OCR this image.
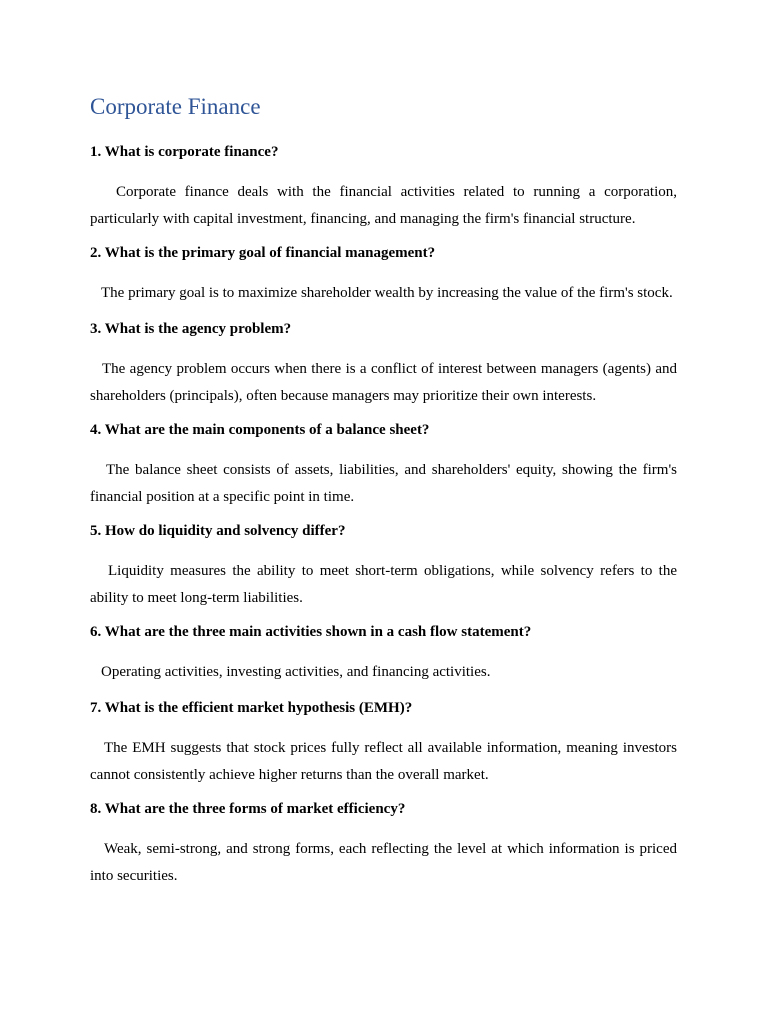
Corporate Finance

1. What is corporate finance?

Corporate finance deals with the financial activities related to running a corporation, particularly with capital investment, financing, and managing the firm's financial structure.

2. What is the primary goal of financial management?

The primary goal is to maximize shareholder wealth by increasing the value of the firm's stock.

3. What is the agency problem?

The agency problem occurs when there is a conflict of interest between managers (agents) and shareholders (principals), often because managers may prioritize their own interests.

4. What are the main components of a balance sheet?

The balance sheet consists of assets, liabilities, and shareholders' equity, showing the firm's financial position at a specific point in time.

5. How do liquidity and solvency differ?

Liquidity measures the ability to meet short-term obligations, while solvency refers to the ability to meet long-term liabilities.

6. What are the three main activities shown in a cash flow statement?

Operating activities, investing activities, and financing activities.

7. What is the efficient market hypothesis (EMH)?

The EMH suggests that stock prices fully reflect all available information, meaning investors cannot consistently achieve higher returns than the overall market.

8. What are the three forms of market efficiency?

Weak, semi-strong, and strong forms, each reflecting the level at which information is priced into securities.
